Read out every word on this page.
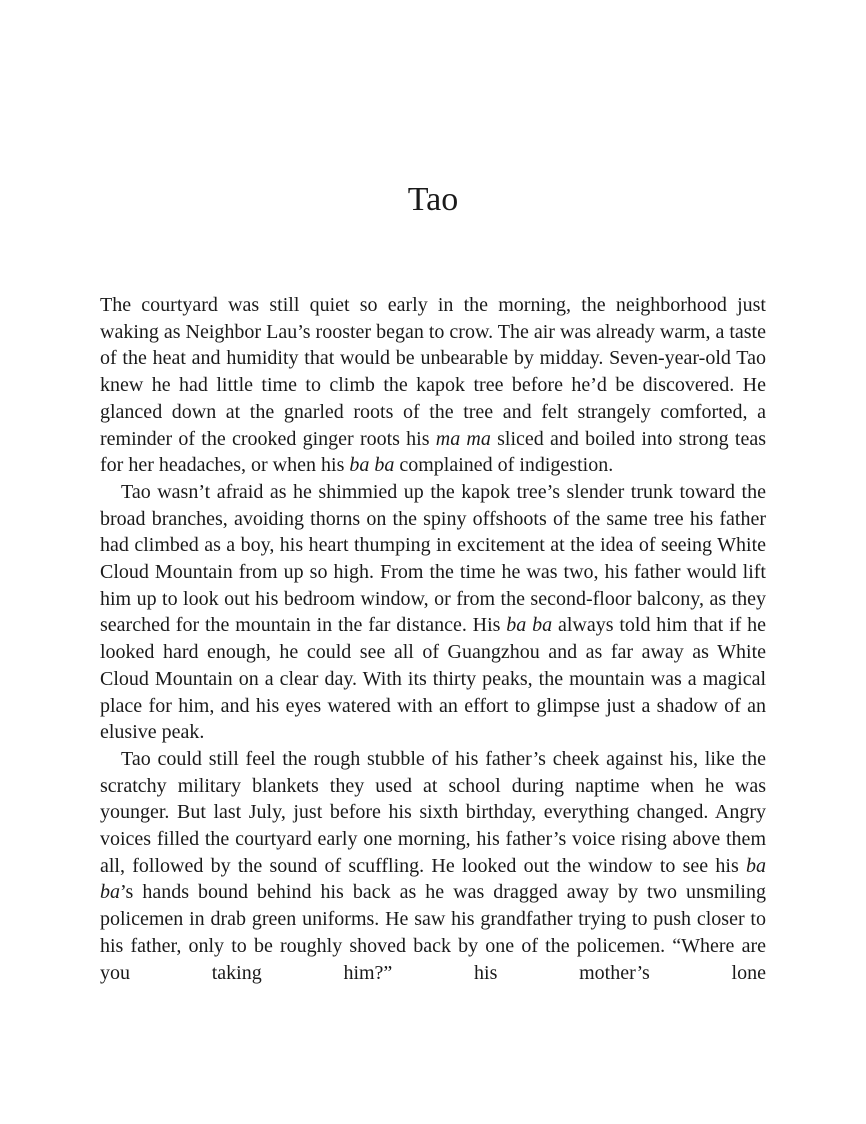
Tao

The courtyard was still quiet so early in the morning, the neighborhood just waking as Neighbor Lau’s rooster began to crow. The air was already warm, a taste of the heat and humidity that would be unbearable by midday. Seven-year-old Tao knew he had little time to climb the kapok tree before he’d be discovered. He glanced down at the gnarled roots of the tree and felt strangely comforted, a reminder of the crooked ginger roots his ma ma sliced and boiled into strong teas for her headaches, or when his ba ba complained of indigestion.

Tao wasn’t afraid as he shimmied up the kapok tree’s slender trunk toward the broad branches, avoiding thorns on the spiny offshoots of the same tree his father had climbed as a boy, his heart thumping in excitement at the idea of seeing White Cloud Mountain from up so high. From the time he was two, his father would lift him up to look out his bedroom window, or from the second-floor balcony, as they searched for the mountain in the far distance. His ba ba always told him that if he looked hard enough, he could see all of Guangzhou and as far away as White Cloud Mountain on a clear day. With its thirty peaks, the mountain was a magical place for him, and his eyes watered with an effort to glimpse just a shadow of an elusive peak.

Tao could still feel the rough stubble of his father’s cheek against his, like the scratchy military blankets they used at school during naptime when he was younger. But last July, just before his sixth birthday, everything changed. Angry voices filled the courtyard early one morning, his father’s voice rising above them all, followed by the sound of scuffling. He looked out the window to see his ba ba’s hands bound behind his back as he was dragged away by two unsmiling policemen in drab green uniforms. He saw his grandfather trying to push closer to his father, only to be roughly shoved back by one of the policemen. “Where are you taking him?” his mother’s lone
